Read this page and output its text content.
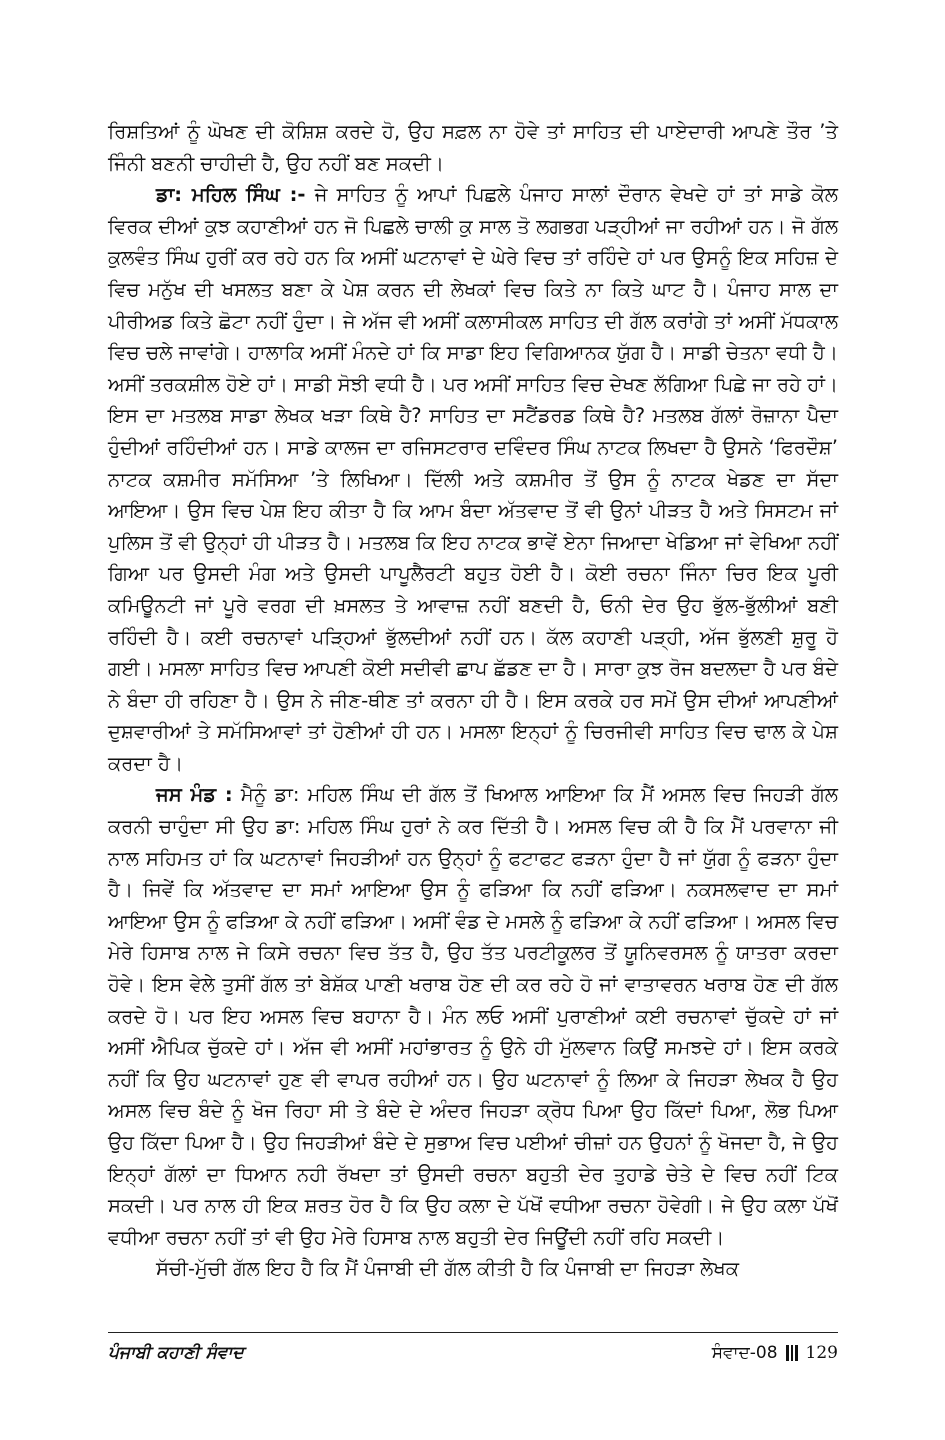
ਰਿਸ਼ਤਿਆਂ ਨੂੰ ਘੋਖਣ ਦੀ ਕੋਸ਼ਿਸ਼ ਕਰਦੇ ਹੋ, ਉਹ ਸਫ਼ਲ ਨਾ ਹੋਵੇ ਤਾਂ ਸਾਹਿਤ ਦੀ ਪਾਏਦਾਰੀ ਆਪਣੇ ਤੌਰ ’ਤੇ ਜਿੰਨੀ ਬਣਨੀ ਚਾਹੀਦੀ ਹੈ, ਉਹ ਨਹੀਂ ਬਣ ਸਕਦੀ।

ਡਾ: ਮਹਿਲ ਸਿੰਘ :- ਜੇ ਸਾਹਿਤ ਨੂੰ ਆਪਾਂ ਪਿਛਲੇ ਪੰਜਾਹ ਸਾਲਾਂ ਦੌਰਾਨ ਵੇਖਦੇ ਹਾਂ ਤਾਂ ਸਾਡੇ ਕੋਲ ਵਿਰਕ ਦੀਆਂ ਕੁਝ ਕਹਾਣੀਆਂ ਹਨ ਜੋ ਪਿਛਲੇ ਚਾਲੀ ਕੁ ਸਾਲ ਤੋ ਲਗਭਗ ਪੜ੍ਹੀਆਂ ਜਾ ਰਹੀਆਂ ਹਨ। ਜੋ ਗੱਲ ਕੁਲਵੰਤ ਸਿੰਘ ਹੁਰੀਂ ਕਰ ਰਹੇ ਹਨ ਕਿ ਅਸੀਂ ਘਟਨਾਵਾਂ ਦੇ ਘੇਰੇ ਵਿਚ ਤਾਂ ਰਹਿੰਦੇ ਹਾਂ ਪਰ ਉਸਨੂੰ ਇਕ ਸਹਿਜ਼ ਦੇ ਵਿਚ ਮਨੁੱਖ ਦੀ ਖਸਲਤ ਬਣਾ ਕੇ ਪੇਸ਼ ਕਰਨ ਦੀ ਲੇਖਕਾਂ ਵਿਚ ਕਿਤੇ ਨਾ ਕਿਤੇ ਘਾਟ ਹੈ। ਪੰਜਾਹ ਸਾਲ ਦਾ ਪੀਰੀਅਡ ਕਿਤੇ ਛੋਟਾ ਨਹੀਂ ਹੁੰਦਾ। ਜੇ ਅੱਜ ਵੀ ਅਸੀਂ ਕਲਾਸੀਕਲ ਸਾਹਿਤ ਦੀ ਗੱਲ ਕਰਾਂਗੇ ਤਾਂ ਅਸੀਂ ਮੱਧਕਾਲ ਵਿਚ ਚਲੇ ਜਾਵਾਂਗੇ। ਹਾਲਾਕਿ ਅਸੀਂ ਮੰਨਦੇ ਹਾਂ ਕਿ ਸਾਡਾ ਇਹ ਵਿਗਿਆਨਕ ਯੁੱਗ ਹੈ। ਸਾਡੀ ਚੇਤਨਾ ਵਧੀ ਹੈ। ਅਸੀਂ ਤਰਕਸ਼ੀਲ ਹੋਏ ਹਾਂ। ਸਾਡੀ ਸੋਝੀ ਵਧੀ ਹੈ। ਪਰ ਅਸੀਂ ਸਾਹਿਤ ਵਿਚ ਦੇਖਣ ਲੱਗਿਆ ਪਿਛੇ ਜਾ ਰਹੇ ਹਾਂ। ਇਸ ਦਾ ਮਤਲਬ ਸਾਡਾ ਲੇਖਕ ਖੜਾ ਕਿਥੇ ਹੈ? ਸਾਹਿਤ ਦਾ ਸਟੈਂਡਰਡ ਕਿਥੇ ਹੈ? ਮਤਲਬ ਗੱਲਾਂ ਰੋਜ਼ਾਨਾ ਪੈਦਾ ਹੁੰਦੀਆਂ ਰਹਿੰਦੀਆਂ ਹਨ। ਸਾਡੇ ਕਾਲਜ ਦਾ ਰਜਿਸਟਰਾਰ ਦਵਿੰਦਰ ਸਿੰਘ ਨਾਟਕ ਲਿਖਦਾ ਹੈ ਉਸਨੇ ‘ਫਿਰਦੌਸ਼’ ਨਾਟਕ ਕਸ਼ਮੀਰ ਸਮੱਸਿਆ ’ਤੇ ਲਿਖਿਆ। ਦਿੱਲੀ ਅਤੇ ਕਸ਼ਮੀਰ ਤੋਂ ਉਸ ਨੂੰ ਨਾਟਕ ਖੇਡਣ ਦਾ ਸੱਦਾ ਆਇਆ। ਉਸ ਵਿਚ ਪੇਸ਼ ਇਹ ਕੀਤਾ ਹੈ ਕਿ ਆਮ ਬੰਦਾ ਅੱਤਵਾਦ ਤੋਂ ਵੀ ਉਨਾਂ ਪੀੜਤ ਹੈ ਅਤੇ ਸਿਸਟਮ ਜਾਂ ਪੁਲਿਸ ਤੋਂ ਵੀ ਉਨ੍ਹਾਂ ਹੀ ਪੀੜਤ ਹੈ। ਮਤਲਬ ਕਿ ਇਹ ਨਾਟਕ ਭਾਵੇਂ ਏਨਾ ਜਿਆਦਾ ਖੇਡਿਆ ਜਾਂ ਵੇਖਿਆ ਨਹੀਂ ਗਿਆ ਪਰ ਉਸਦੀ ਮੰਗ ਅਤੇ ਉਸਦੀ ਪਾਪੂਲੈਰਟੀ ਬਹੁਤ ਹੋਈ ਹੈ। ਕੋਈ ਰਚਨਾ ਜਿੰਨਾ ਚਿਰ ਇਕ ਪੂਰੀ ਕਮਿਊਨਟੀ ਜਾਂ ਪੂਰੇ ਵਰਗ ਦੀ ਖ਼ਸਲਤ ਤੇ ਆਵਾਜ਼ ਨਹੀਂ ਬਣਦੀ ਹੈ, ਓਨੀ ਦੇਰ ਉਹ ਭੁੱਲ-ਭੁੱਲੀਆਂ ਬਣੀ ਰਹਿੰਦੀ ਹੈ। ਕਈ ਰਚਨਾਵਾਂ ਪੜ੍ਹਿਆਂ ਭੁੱਲਦੀਆਂ ਨਹੀਂ ਹਨ। ਕੱਲ ਕਹਾਣੀ ਪੜ੍ਹੀ, ਅੱਜ ਭੁੱਲਣੀ ਸ਼ੁਰੂ ਹੋ ਗਈ। ਮਸਲਾ ਸਾਹਿਤ ਵਿਚ ਆਪਣੀ ਕੋਈ ਸਦੀਵੀ ਛਾਪ ਛੱਡਣ ਦਾ ਹੈ। ਸਾਰਾ ਕੁਝ ਰੋਜ ਬਦਲਦਾ ਹੈ ਪਰ ਬੰਦੇ ਨੇ ਬੰਦਾ ਹੀ ਰਹਿਣਾ ਹੈ। ਉਸ ਨੇ ਜੀਣ-ਥੀਣ ਤਾਂ ਕਰਨਾ ਹੀ ਹੈ। ਇਸ ਕਰਕੇ ਹਰ ਸਮੇਂ ਉਸ ਦੀਆਂ ਆਪਣੀਆਂ ਦੁਸ਼ਵਾਰੀਆਂ ਤੇ ਸਮੱਸਿਆਵਾਂ ਤਾਂ ਹੋਣੀਆਂ ਹੀ ਹਨ। ਮਸਲਾ ਇਨ੍ਹਾਂ ਨੂੰ ਚਿਰਜੀਵੀ ਸਾਹਿਤ ਵਿਚ ਢਾਲ ਕੇ ਪੇਸ਼ ਕਰਦਾ ਹੈ।

ਜਸ ਮੰਡ : ਮੈਨੂੰ ਡਾ: ਮਹਿਲ ਸਿੰਘ ਦੀ ਗੱਲ ਤੋਂ ਖਿਆਲ ਆਇਆ ਕਿ ਮੈਂ ਅਸਲ ਵਿਚ ਜਿਹੜੀ ਗੱਲ ਕਰਨੀ ਚਾਹੁੰਦਾ ਸੀ ਉਹ ਡਾ: ਮਹਿਲ ਸਿੰਘ ਹੁਰਾਂ ਨੇ ਕਰ ਦਿੱਤੀ ਹੈ। ਅਸਲ ਵਿਚ ਕੀ ਹੈ ਕਿ ਮੈਂ ਪਰਵਾਨਾ ਜੀ ਨਾਲ ਸਹਿਮਤ ਹਾਂ ਕਿ ਘਟਨਾਵਾਂ ਜਿਹੜੀਆਂ ਹਨ ਉਨ੍ਹਾਂ ਨੂੰ ਫਟਾਫਟ ਫੜਨਾ ਹੁੰਦਾ ਹੈ ਜਾਂ ਯੁੱਗ ਨੂੰ ਫੜਨਾ ਹੁੰਦਾ ਹੈ। ਜਿਵੇਂ ਕਿ ਅੱਤਵਾਦ ਦਾ ਸਮਾਂ ਆਇਆ ਉਸ ਨੂੰ ਫੜਿਆ ਕਿ ਨਹੀਂ ਫੜਿਆ। ਨਕਸਲਵਾਦ ਦਾ ਸਮਾਂ ਆਇਆ ਉਸ ਨੂੰ ਫੜਿਆ ਕੇ ਨਹੀਂ ਫੜਿਆ। ਅਸੀਂ ਵੰਡ ਦੇ ਮਸਲੇ ਨੂੰ ਫੜਿਆ ਕੇ ਨਹੀਂ ਫੜਿਆ। ਅਸਲ ਵਿਚ ਮੇਰੇ ਹਿਸਾਬ ਨਾਲ ਜੇ ਕਿਸੇ ਰਚਨਾ ਵਿਚ ਤੱਤ ਹੈ, ਉਹ ਤੱਤ ਪਰਟੀਕੂਲਰ ਤੋਂ ਯੂਨਿਵਰਸਲ ਨੂੰ ਯਾਤਰਾ ਕਰਦਾ ਹੋਵੇ। ਇਸ ਵੇਲੇ ਤੁਸੀਂ ਗੱਲ ਤਾਂ ਬੇਸ਼ੱਕ ਪਾਣੀ ਖਰਾਬ ਹੋਣ ਦੀ ਕਰ ਰਹੇ ਹੋ ਜਾਂ ਵਾਤਾਵਰਨ ਖਰਾਬ ਹੋਣ ਦੀ ਗੱਲ ਕਰਦੇ ਹੋ। ਪਰ ਇਹ ਅਸਲ ਵਿਚ ਬਹਾਨਾ ਹੈ। ਮੰਨ ਲਓ ਅਸੀਂ ਪੁਰਾਣੀਆਂ ਕਈ ਰਚਨਾਵਾਂ ਚੁੱਕਦੇ ਹਾਂ ਜਾਂ ਅਸੀਂ ਐਪਿਕ ਚੁੱਕਦੇ ਹਾਂ। ਅੱਜ ਵੀ ਅਸੀਂ ਮਹਾਂਭਾਰਤ ਨੂੰ ਉਨੇ ਹੀ ਮੁੱਲਵਾਨ ਕਿਉਂ ਸਮਝਦੇ ਹਾਂ। ਇਸ ਕਰਕੇ ਨਹੀਂ ਕਿ ਉਹ ਘਟਨਾਵਾਂ ਹੁਣ ਵੀ ਵਾਪਰ ਰਹੀਆਂ ਹਨ। ਉਹ ਘਟਨਾਵਾਂ ਨੂੰ ਲਿਆ ਕੇ ਜਿਹੜਾ ਲੇਖਕ ਹੈ ਉਹ ਅਸਲ ਵਿਚ ਬੰਦੇ ਨੂੰ ਖੋਜ ਰਿਹਾ ਸੀ ਤੇ ਬੰਦੇ ਦੇ ਅੰਦਰ ਜਿਹੜਾ ਕ੍ਰੋਧ ਪਿਆ ਉਹ ਕਿੱਦਾਂ ਪਿਆ, ਲੋਭ ਪਿਆ ਉਹ ਕਿੱਦਾ ਪਿਆ ਹੈ। ਉਹ ਜਿਹੜੀਆਂ ਬੰਦੇ ਦੇ ਸੁਭਾਅ ਵਿਚ ਪਈਆਂ ਚੀਜ਼ਾਂ ਹਨ ਉਹਨਾਂ ਨੂੰ ਖੋਜਦਾ ਹੈ, ਜੇ ਉਹ ਇਨ੍ਹਾਂ ਗੱਲਾਂ ਦਾ ਧਿਆਨ ਨਹੀ ਰੱਖਦਾ ਤਾਂ ਉਸਦੀ ਰਚਨਾ ਬਹੁਤੀ ਦੇਰ ਤੁਹਾਡੇ ਚੇਤੇ ਦੇ ਵਿਚ ਨਹੀਂ ਟਿਕ ਸਕਦੀ। ਪਰ ਨਾਲ ਹੀ ਇਕ ਸ਼ਰਤ ਹੋਰ ਹੈ ਕਿ ਉਹ ਕਲਾ ਦੇ ਪੱਖੋਂ ਵਧੀਆ ਰਚਨਾ ਹੋਵੇਗੀ। ਜੇ ਉਹ ਕਲਾ ਪੱਖੋਂ ਵਧੀਆ ਰਚਨਾ ਨਹੀਂ ਤਾਂ ਵੀ ਉਹ ਮੇਰੇ ਹਿਸਾਬ ਨਾਲ ਬਹੁਤੀ ਦੇਰ ਜਿਊਂਦੀ ਨਹੀਂ ਰਹਿ ਸਕਦੀ।

ਸੱਚੀ-ਮੁੱਚੀ ਗੱਲ ਇਹ ਹੈ ਕਿ ਮੈਂ ਪੰਜਾਬੀ ਦੀ ਗੱਲ ਕੀਤੀ ਹੈ ਕਿ ਪੰਜਾਬੀ ਦਾ ਜਿਹੜਾ ਲੇਖਕ

ਪੰਜਾਬੀ ਕਹਾਣੀ ਸੰਵਾਦ	ਸੰਵਾਦ-08 129
